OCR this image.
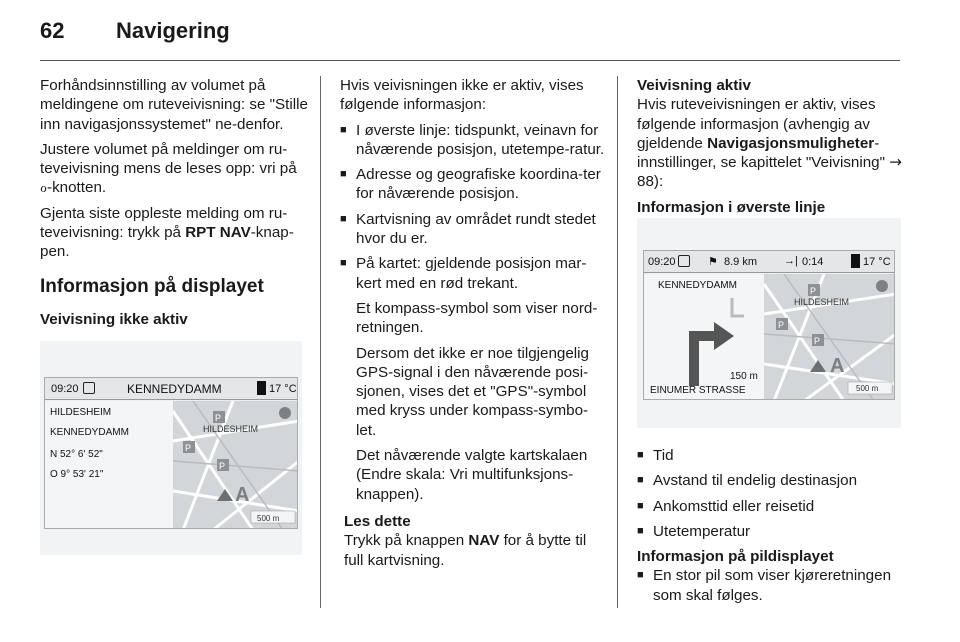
62	Navigering

Forhåndsinnstilling av volumet på meldingene om ruteveivisning: se "Stille inn navigasjonssystemet" ne-denfor.

Justere volumet på meldinger om ru-teveivisning mens de leses opp: vri på ℴ-knotten.

Gjenta siste oppleste melding om ru-teveivisning: trykk på RPT NAV-knap-pen.

Informasjon på displayet
Veivisning ikke aktiv
09:20	KENNEDYDAMM	17 °C
HILDESHEIM
KENNEDYDAMM
N 52° 6' 52"
O 9° 53' 21"
P
P
P
A
HILDESHEIM
500 m

Hvis veivisningen ikke er aktiv, vises følgende informasjon:

■ I øverste linje: tidspunkt, veinavn for nåværende posisjon, utetempe-ratur.
■ Adresse og geografiske koordina-ter for nåværende posisjon.
■ Kartvisning av området rundt stedet hvor du er.
■ På kartet: gjeldende posisjon mar-kert med en rød trekant.
Et kompass-symbol som viser nord-retningen.
Dersom det ikke er noe tilgjengelig GPS-signal i den nåværende posi-sjonen, vises det et "GPS"-symbol med kryss under kompass-symbo-let.
Det nåværende valgte kartskalaen (Endre skala: Vri multifunksjons-knappen).
Les dette
Trykk på knappen NAV for å bytte til full kartvisning.
Veivisning aktiv

Hvis ruteveivisningen er aktiv, vises følgende informasjon (avhengig av gjeldende Navigasjonsmuligheter-innstillinger, se kapittelet "Veivisning" → 88):

Informasjon i øverste linje
09:20	⚑ 8.9 km →| 0:14	17 °C
KENNEDYDAMM
150 m
EINUMER STRASSE
P
P
P
A
HILDESHEIM
500 m
■ Tid
■ Avstand til endelig destinasjon
■ Ankomsttid eller reisetid
■ Utetemperatur
Informasjon på pildisplayet
■ En stor pil som viser kjøreretningen som skal følges.
